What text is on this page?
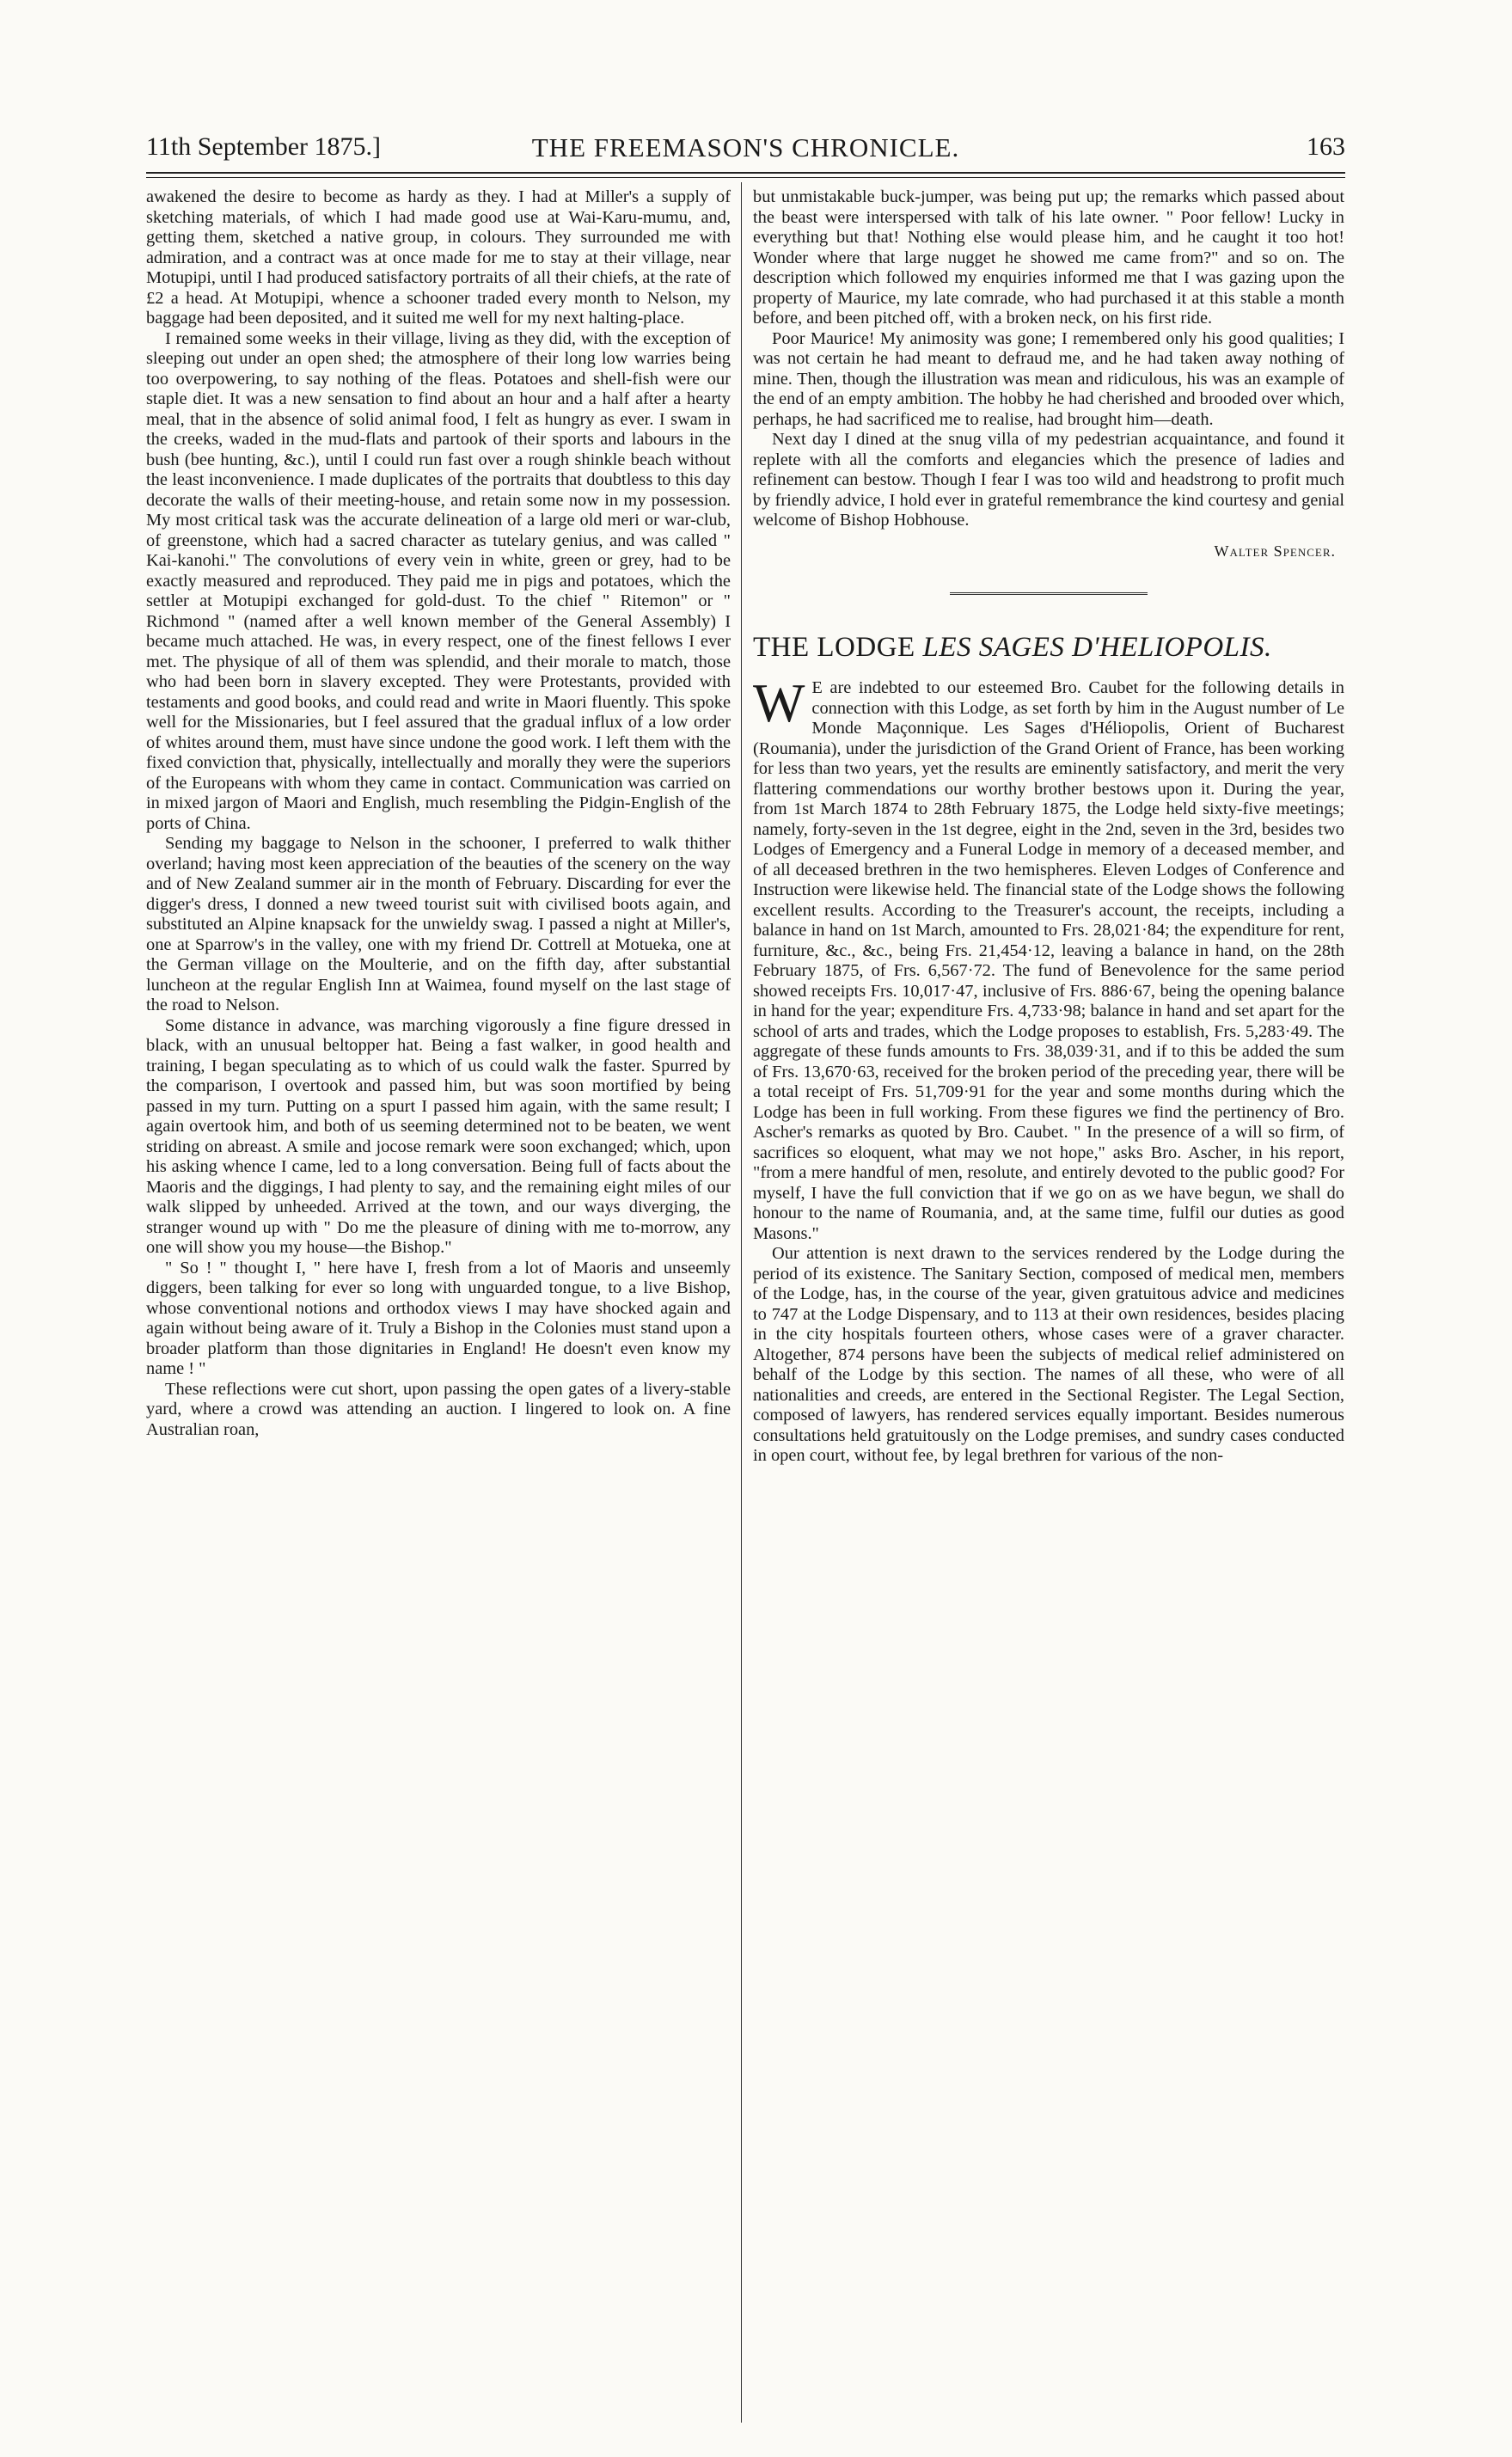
11th September 1875.]	THE FREEMASON'S CHRONICLE.	163

awakened the desire to become as hardy as they. I had at Miller's a supply of sketching materials, of which I had made good use at Wai-Karu-mumu, and, getting them, sketched a native group, in colours. They surrounded me with admiration, and a contract was at once made for me to stay at their village, near Motupipi, until I had produced satisfactory portraits of all their chiefs, at the rate of £2 a head. At Motupipi, whence a schooner traded every month to Nelson, my baggage had been deposited, and it suited me well for my next halting-place.

I remained some weeks in their village, living as they did, with the exception of sleeping out under an open shed; the atmosphere of their long low warries being too overpowering, to say nothing of the fleas. Potatoes and shell-fish were our staple diet. It was a new sensation to find about an hour and a half after a hearty meal, that in the absence of solid animal food, I felt as hungry as ever. I swam in the creeks, waded in the mud-flats and partook of their sports and labours in the bush (bee hunting, &c.), until I could run fast over a rough shinkle beach without the least inconvenience. I made duplicates of the portraits that doubtless to this day decorate the walls of their meeting-house, and retain some now in my possession. My most critical task was the accurate delineation of a large old meri or war-club, of greenstone, which had a sacred character as tutelary genius, and was called " Kai-kanohi." The convolutions of every vein in white, green or grey, had to be exactly measured and reproduced. They paid me in pigs and potatoes, which the settler at Motupipi exchanged for gold-dust. To the chief " Ritemon" or " Richmond " (named after a well known member of the General Assembly) I became much attached. He was, in every respect, one of the finest fellows I ever met. The physique of all of them was splendid, and their morale to match, those who had been born in slavery excepted. They were Protestants, provided with testaments and good books, and could read and write in Maori fluently. This spoke well for the Missionaries, but I feel assured that the gradual influx of a low order of whites around them, must have since undone the good work. I left them with the fixed conviction that, physically, intellectually and morally they were the superiors of the Europeans with whom they came in contact. Communication was carried on in mixed jargon of Maori and English, much resembling the Pidgin-English of the ports of China.

Sending my baggage to Nelson in the schooner, I preferred to walk thither overland; having most keen appreciation of the beauties of the scenery on the way and of New Zealand summer air in the month of February. Discarding for ever the digger's dress, I donned a new tweed tourist suit with civilised boots again, and substituted an Alpine knapsack for the unwieldy swag. I passed a night at Miller's, one at Sparrow's in the valley, one with my friend Dr. Cottrell at Motueka, one at the German village on the Moulterie, and on the fifth day, after substantial luncheon at the regular English Inn at Waimea, found myself on the last stage of the road to Nelson.

Some distance in advance, was marching vigorously a fine figure dressed in black, with an unusual beltopper hat. Being a fast walker, in good health and training, I began speculating as to which of us could walk the faster. Spurred by the comparison, I overtook and passed him, but was soon mortified by being passed in my turn. Putting on a spurt I passed him again, with the same result; I again overtook him, and both of us seeming determined not to be beaten, we went striding on abreast. A smile and jocose remark were soon exchanged; which, upon his asking whence I came, led to a long conversation. Being full of facts about the Maoris and the diggings, I had plenty to say, and the remaining eight miles of our walk slipped by unheeded. Arrived at the town, and our ways diverging, the stranger wound up with " Do me the pleasure of dining with me to-morrow, any one will show you my house—the Bishop."

" So ! " thought I, " here have I, fresh from a lot of Maoris and unseemly diggers, been talking for ever so long with unguarded tongue, to a live Bishop, whose conventional notions and orthodox views I may have shocked again and again without being aware of it. Truly a Bishop in the Colonies must stand upon a broader platform than those dignitaries in England! He doesn't even know my name ! "

These reflections were cut short, upon passing the open gates of a livery-stable yard, where a crowd was attending an auction. I lingered to look on. A fine Australian roan,

but unmistakable buck-jumper, was being put up; the remarks which passed about the beast were interspersed with talk of his late owner. " Poor fellow! Lucky in everything but that! Nothing else would please him, and he caught it too hot! Wonder where that large nugget he showed me came from?" and so on. The description which followed my enquiries informed me that I was gazing upon the property of Maurice, my late comrade, who had purchased it at this stable a month before, and been pitched off, with a broken neck, on his first ride.

Poor Maurice! My animosity was gone; I remembered only his good qualities; I was not certain he had meant to defraud me, and he had taken away nothing of mine. Then, though the illustration was mean and ridiculous, his was an example of the end of an empty ambition. The hobby he had cherished and brooded over which, perhaps, he had sacrificed me to realise, had brought him—death.

Next day I dined at the snug villa of my pedestrian acquaintance, and found it replete with all the comforts and elegancies which the presence of ladies and refinement can bestow. Though I fear I was too wild and headstrong to profit much by friendly advice, I hold ever in grateful remembrance the kind courtesy and genial welcome of Bishop Hobhouse.

Walter Spencer.
THE LODGE LES SAGES D'HELIOPOLIS.

W E are indebted to our esteemed Bro. Caubet for the following details in connection with this Lodge, as set forth by him in the August number of Le Monde Maçonnique. Les Sages d'Héliopolis, Orient of Bucharest (Roumania), under the jurisdiction of the Grand Orient of France, has been working for less than two years, yet the results are eminently satisfactory, and merit the very flattering commendations our worthy brother bestows upon it. During the year, from 1st March 1874 to 28th February 1875, the Lodge held sixty-five meetings; namely, forty-seven in the 1st degree, eight in the 2nd, seven in the 3rd, besides two Lodges of Emergency and a Funeral Lodge in memory of a deceased member, and of all deceased brethren in the two hemispheres. Eleven Lodges of Conference and Instruction were likewise held. The financial state of the Lodge shows the following excellent results. According to the Treasurer's account, the receipts, including a balance in hand on 1st March, amounted to Frs. 28,021·84; the expenditure for rent, furniture, &c., &c., being Frs. 21,454·12, leaving a balance in hand, on the 28th February 1875, of Frs. 6,567·72. The fund of Benevolence for the same period showed receipts Frs. 10,017·47, inclusive of Frs. 886·67, being the opening balance in hand for the year; expenditure Frs. 4,733·98; balance in hand and set apart for the school of arts and trades, which the Lodge proposes to establish, Frs. 5,283·49. The aggregate of these funds amounts to Frs. 38,039·31, and if to this be added the sum of Frs. 13,670·63, received for the broken period of the preceding year, there will be a total receipt of Frs. 51,709·91 for the year and some months during which the Lodge has been in full working. From these figures we find the pertinency of Bro. Ascher's remarks as quoted by Bro. Caubet. " In the presence of a will so firm, of sacrifices so eloquent, what may we not hope," asks Bro. Ascher, in his report, "from a mere handful of men, resolute, and entirely devoted to the public good? For myself, I have the full conviction that if we go on as we have begun, we shall do honour to the name of Roumania, and, at the same time, fulfil our duties as good Masons."

Our attention is next drawn to the services rendered by the Lodge during the period of its existence. The Sanitary Section, composed of medical men, members of the Lodge, has, in the course of the year, given gratuitous advice and medicines to 747 at the Lodge Dispensary, and to 113 at their own residences, besides placing in the city hospitals fourteen others, whose cases were of a graver character. Altogether, 874 persons have been the subjects of medical relief administered on behalf of the Lodge by this section. The names of all these, who were of all nationalities and creeds, are entered in the Sectional Register. The Legal Section, composed of lawyers, has rendered services equally important. Besides numerous consultations held gratuitously on the Lodge premises, and sundry cases conducted in open court, without fee, by legal brethren for various of the non-
